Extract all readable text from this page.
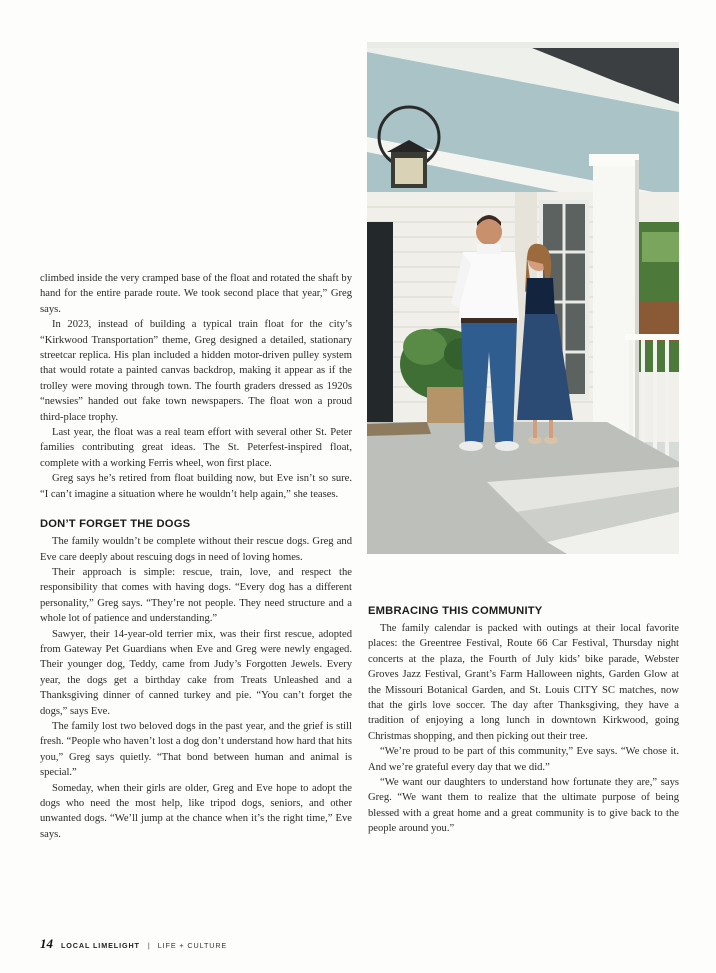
climbed inside the very cramped base of the float and rotated the shaft by hand for the entire parade route. We took second place that year,” Greg says.

In 2023, instead of building a typical train float for the city’s “Kirkwood Transportation” theme, Greg designed a detailed, stationary streetcar replica. His plan included a hidden motor-driven pulley system that would rotate a painted canvas backdrop, making it appear as if the trolley were moving through town. The fourth graders dressed as 1920s “newsies” handed out fake town newspapers. The float won a proud third-place trophy.

Last year, the float was a real team effort with several other St. Peter families contributing great ideas. The St. Peterfest-inspired float, complete with a working Ferris wheel, won first place.

Greg says he’s retired from float building now, but Eve isn’t so sure. “I can’t imagine a situation where he wouldn’t help again,” she teases.

DON’T FORGET THE DOGS

The family wouldn’t be complete without their rescue dogs. Greg and Eve care deeply about rescuing dogs in need of loving homes.

Their approach is simple: rescue, train, love, and respect the responsibility that comes with having dogs. “Every dog has a different personality,” Greg says. “They’re not people. They need structure and a whole lot of patience and understanding.”

Sawyer, their 14-year-old terrier mix, was their first rescue, adopted from Gateway Pet Guardians when Eve and Greg were newly engaged. Their younger dog, Teddy, came from Judy’s Forgotten Jewels. Every year, the dogs get a birthday cake from Treats Unleashed and a Thanksgiving dinner of canned turkey and pie. “You can’t forget the dogs,” says Eve.

The family lost two beloved dogs in the past year, and the grief is still fresh. “People who haven’t lost a dog don’t understand how hard that hits you,” Greg says quietly. “That bond between human and animal is special.”

Someday, when their girls are older, Greg and Eve hope to adopt the dogs who need the most help, like tripod dogs, seniors, and other unwanted dogs. “We’ll jump at the chance when it’s the right time,” Eve says.

EMBRACING THIS COMMUNITY

The family calendar is packed with outings at their local favorite places: the Greentree Festival, Route 66 Car Festival, Thursday night concerts at the plaza, the Fourth of July kids’ bike parade, Webster Groves Jazz Festival, Grant’s Farm Halloween nights, Garden Glow at the Missouri Botanical Garden, and St. Louis CITY SC matches, now that the girls love soccer. The day after Thanksgiving, they have a tradition of enjoying a long lunch in downtown Kirkwood, going Christmas shopping, and then picking out their tree.

“We’re proud to be part of this community,” Eve says. “We chose it. And we’re grateful every day that we did.”

“We want our daughters to understand how fortunate they are,” says Greg. “We want them to realize that the ultimate purpose of being blessed with a great home and a great community is to give back to the people around you.”

14 LOCAL LIMELIGHT | LIFE + CULTURE
